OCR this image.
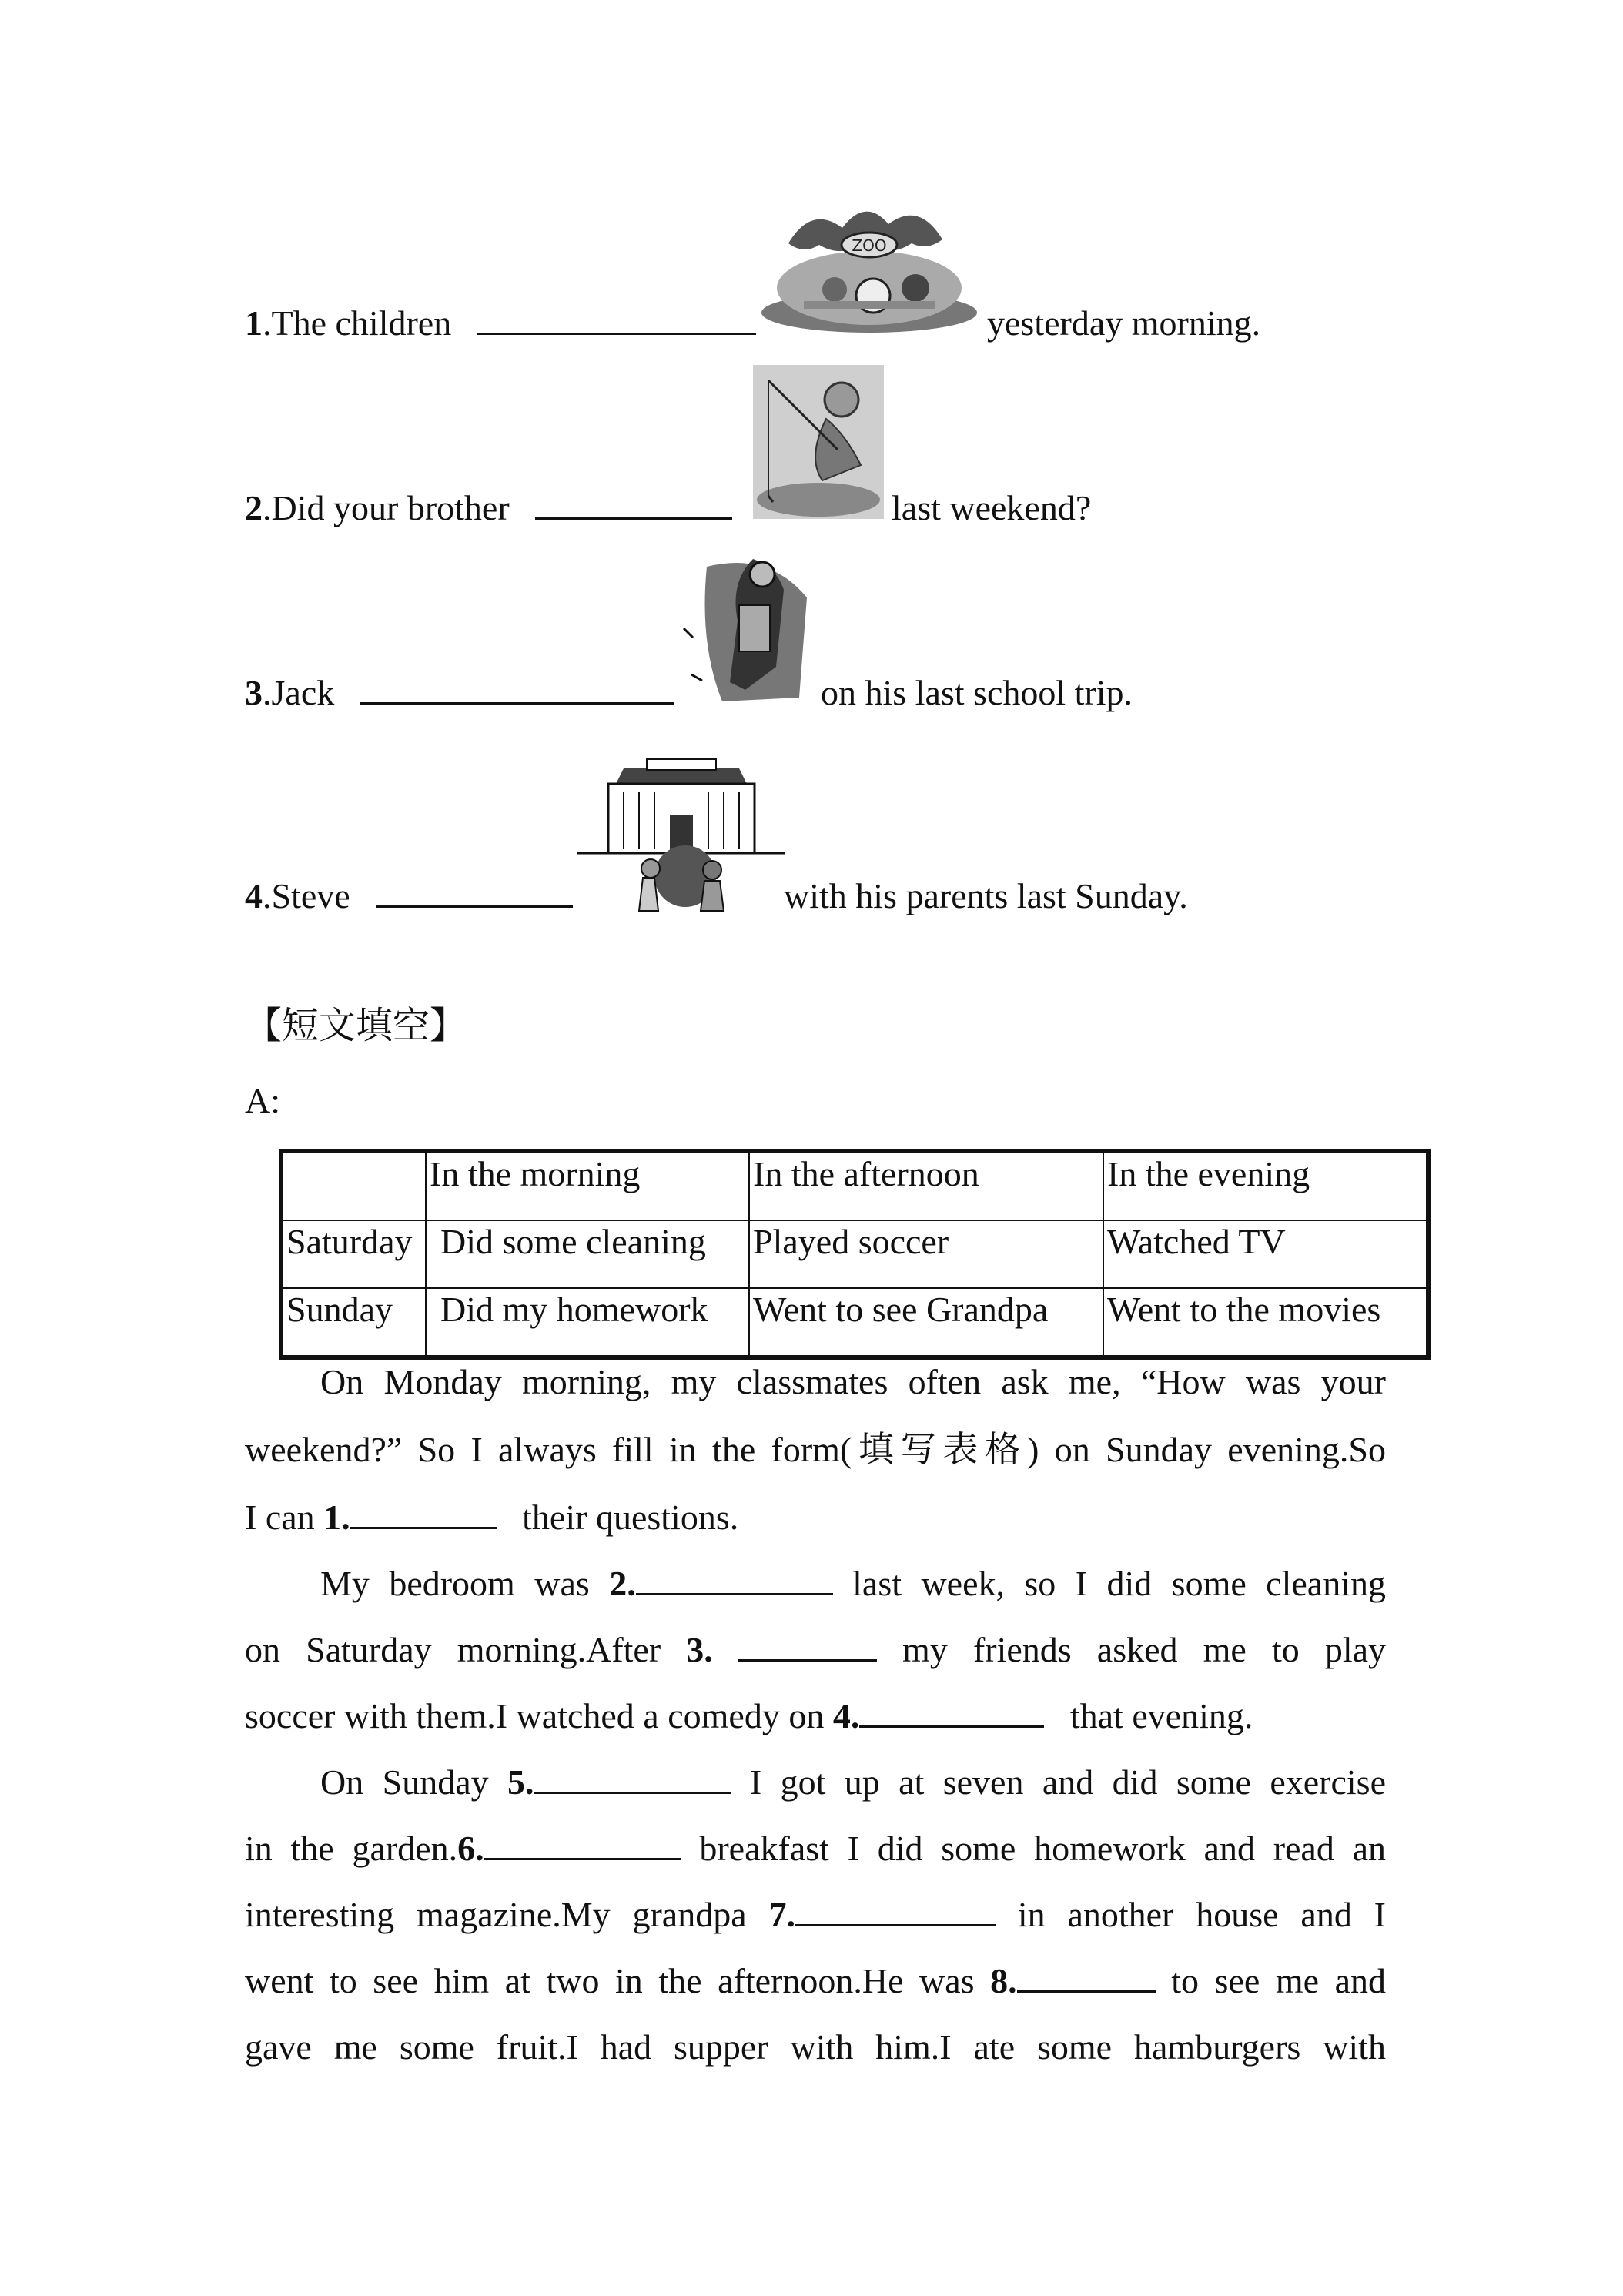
1.The children
ZOO
yesterday morning.
2.Did your brother	last weekend?
3.Jack	on his last school trip.
4.Steve	with his parents last Sunday.
【短文填空】
A:
	In the morning	In the afternoon	In the evening
Saturday	Did some cleaning	Played soccer	Watched TV
Sunday	Did my homework	Went to see Grandpa	Went to the movies
On Monday morning, my classmates often ask me, “How was your
weekend?” So I always fill in the form(填写表格) on Sunday evening.So
I can 1.	their questions.
My bedroom was 2.	last week, so I did some cleaning
on Saturday morning.After 3.	my friends asked me to play
soccer with them.I watched a comedy on 4.	that evening.
On Sunday 5.	I got up at seven and did some exercise
in the garden.6.	breakfast I did some homework and read an
interesting magazine.My grandpa 7.	in another house and I
went to see him at two in the afternoon.He was 8.	to see me and
gave me some fruit.I had supper with him.I ate some hamburgers with
